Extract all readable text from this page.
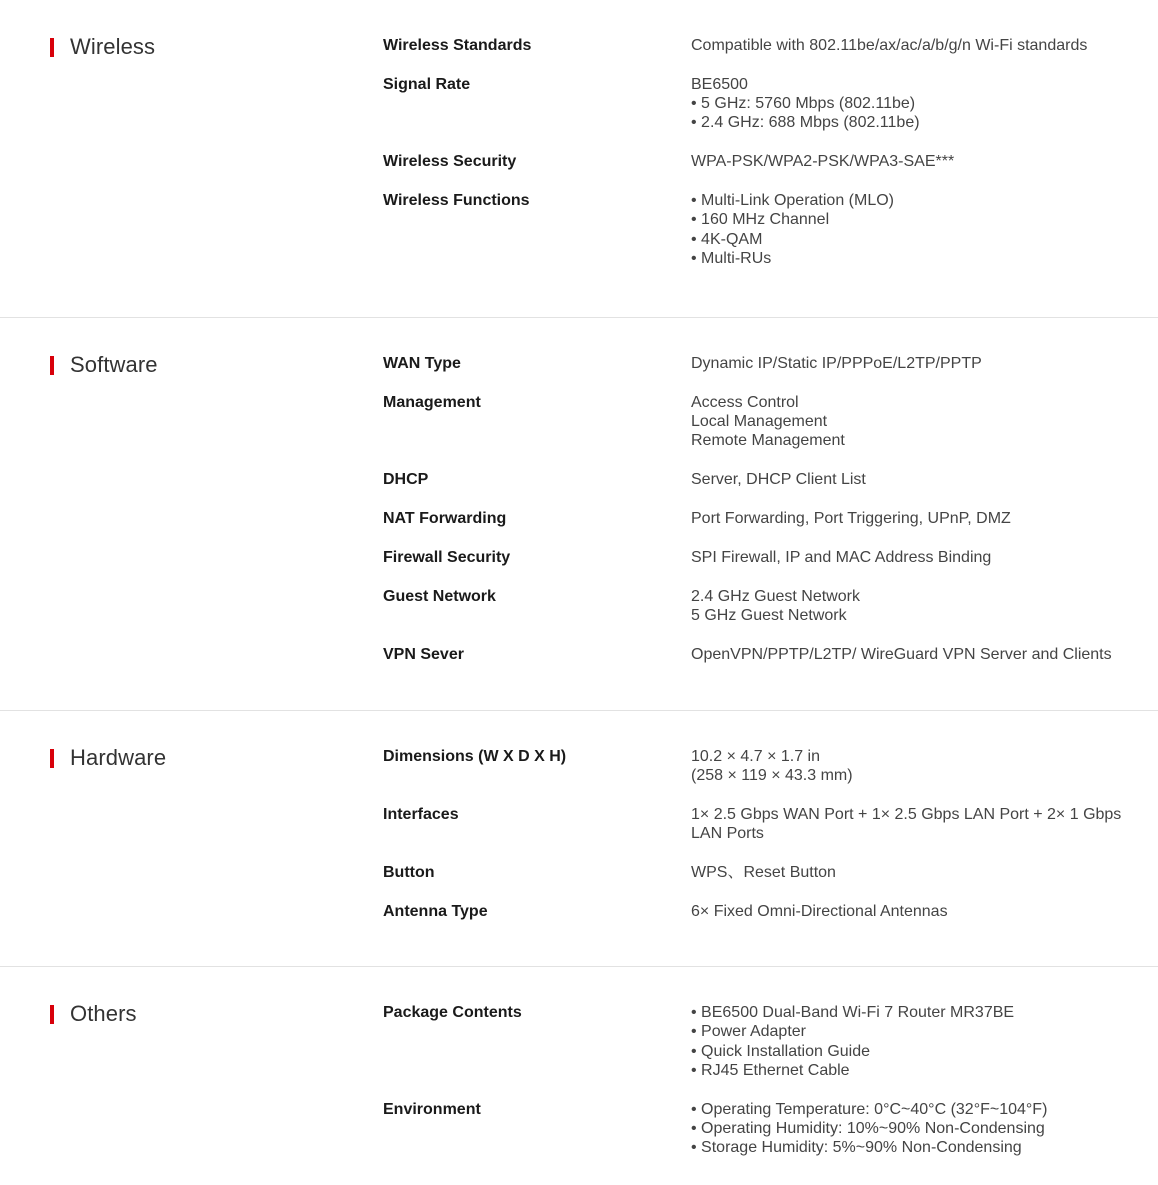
Wireless	Wireless Standards	Compatible with 802.11be/ax/ac/a/b/g/n Wi-Fi standards
Signal Rate	BE6500
• 5 GHz: 5760 Mbps (802.11be)
• 2.4 GHz: 688 Mbps (802.11be)
Wireless Security	WPA-PSK/WPA2-PSK/WPA3-SAE***
Wireless Functions	• Multi-Link Operation (MLO)
• 160 MHz Channel
• 4K-QAM
• Multi-RUs
Software	WAN Type	Dynamic IP/Static IP/PPPoE/L2TP/PPTP
Management	Access Control
Local Management
Remote Management
DHCP	Server, DHCP Client List
NAT Forwarding	Port Forwarding, Port Triggering, UPnP, DMZ
Firewall Security	SPI Firewall, IP and MAC Address Binding
Guest Network	2.4 GHz Guest Network
5 GHz Guest Network
VPN Sever	OpenVPN/PPTP/L2TP/ WireGuard VPN Server and Clients
Hardware	Dimensions (W X D X H)	10.2 × 4.7 × 1.7 in
(258 × 119 × 43.3 mm)
Interfaces	1× 2.5 Gbps WAN Port + 1× 2.5 Gbps LAN Port + 2× 1 Gbps
LAN Ports
Button	WPS、Reset Button
Antenna Type	6× Fixed Omni-Directional Antennas
Others	Package Contents	• BE6500 Dual-Band Wi-Fi 7 Router MR37BE
• Power Adapter
• Quick Installation Guide
• RJ45 Ethernet Cable
Environment	• Operating Temperature: 0°C~40°C (32°F~104°F)
• Operating Humidity: 10%~90% Non-Condensing
• Storage Humidity: 5%~90% Non-Condensing
